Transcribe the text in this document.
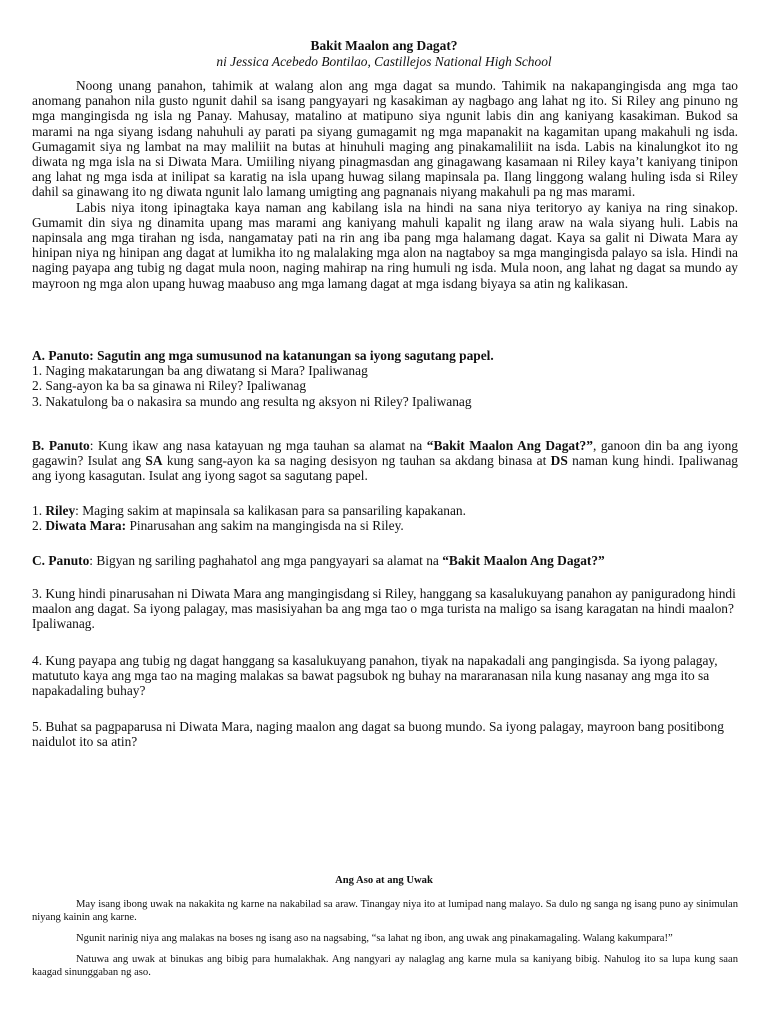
Bakit Maalon ang Dagat?
ni Jessica Acebedo Bontilao, Castillejos National High School

Noong unang panahon, tahimik at walang alon ang mga dagat sa mundo. Tahimik na nakapangingisda ang mga tao anomang panahon nila gusto ngunit dahil sa isang pangyayari ng kasakiman ay nagbago ang lahat ng ito. Si Riley ang pinuno ng mga mangingisda ng isla ng Panay. Mahusay, matalino at matipuno siya ngunit labis din ang kaniyang kasakiman. Bukod sa marami na nga siyang isdang nahuhuli ay parati pa siyang gumagamit ng mga mapanakit na kagamitan upang makahuli ng isda. Gumagamit siya ng lambat na may maliliit na butas at hinuhuli maging ang pinakamaliliit na isda. Labis na kinalungkot ito ng diwata ng mga isla na si Diwata Mara. Umiiling niyang pinagmasdan ang ginagawang kasamaan ni Riley kaya’t kaniyang tinipon ang lahat ng mga isda at inilipat sa karatig na isla upang huwag silang mapinsala pa. Ilang linggong walang huling isda si Riley dahil sa ginawang ito ng diwata ngunit lalo lamang umigting ang pagnanais niyang makahuli pa ng mas marami.

Labis niya itong ipinagtaka kaya naman ang kabilang isla na hindi na sana niya teritoryo ay kaniya na ring sinakop. Gumamit din siya ng dinamita upang mas marami ang kaniyang mahuli kapalit ng ilang araw na wala siyang huli. Labis na napinsala ang mga tirahan ng isda, nangamatay pati na rin ang iba pang mga halamang dagat. Kaya sa galit ni Diwata Mara ay hinipan niya ng hinipan ang dagat at lumikha ito ng malalaking mga alon na nagtaboy sa mga mangingisda palayo sa isla. Hindi na naging payapa ang tubig ng dagat mula noon, naging mahirap na ring humuli ng isda. Mula noon, ang lahat ng dagat sa mundo ay mayroon ng mga alon upang huwag maabuso ang mga lamang dagat at mga isdang biyaya sa atin ng kalikasan.

A. Panuto: Sagutin ang mga sumusunod na katanungan sa iyong sagutang papel.
1. Naging makatarungan ba ang diwatang si Mara? Ipaliwanag
2. Sang-ayon ka ba sa ginawa ni Riley? Ipaliwanag
3. Nakatulong ba o nakasira sa mundo ang resulta ng aksyon ni Riley? Ipaliwanag
B. Panuto: Kung ikaw ang nasa katayuan ng mga tauhan sa alamat na “Bakit Maalon Ang Dagat?”, ganoon din ba ang iyong gagawin? Isulat ang SA kung sang-ayon ka sa naging desisyon ng tauhan sa akdang binasa at DS naman kung hindi. Ipaliwanag ang iyong kasagutan. Isulat ang iyong sagot sa sagutang papel.
1. Riley: Maging sakim at mapinsala sa kalikasan para sa pansariling kapakanan.
2. Diwata Mara: Pinarusahan ang sakim na mangingisda na si Riley.
C. Panuto: Bigyan ng sariling paghahatol ang mga pangyayari sa alamat na “Bakit Maalon Ang Dagat?”

3. Kung hindi pinarusahan ni Diwata Mara ang mangingisdang si Riley, hanggang sa kasalukuyang panahon ay paniguradong hindi maalon ang dagat. Sa iyong palagay, mas masisiyahan ba ang mga tao o mga turista na maligo sa isang karagatan na hindi maalon? Ipaliwanag.

4. Kung payapa ang tubig ng dagat hanggang sa kasalukuyang panahon, tiyak na napakadali ang pangingisda. Sa iyong palagay, matututo kaya ang mga tao na maging malakas sa bawat pagsubok ng buhay na mararanasan nila kung nasanay ang mga ito sa napakadaling buhay?

5. Buhat sa pagpaparusa ni Diwata Mara, naging maalon ang dagat sa buong mundo. Sa iyong palagay, mayroon bang positibong naidulot ito sa atin?

Ang Aso at ang Uwak

May isang ibong uwak na nakakita ng karne na nakabilad sa araw. Tinangay niya ito at lumipad nang malayo. Sa dulo ng sanga ng isang puno ay sinimulan niyang kainin ang karne.

Ngunit narinig niya ang malakas na boses ng isang aso na nagsabing, “sa lahat ng ibon, ang uwak ang pinakamagaling. Walang kakumpara!”

Natuwa ang uwak at binukas ang bibig para humalakhak. Ang nangyari ay nalaglag ang karne mula sa kaniyang bibig. Nahulog ito sa lupa kung saan kaagad sinunggaban ng aso.
